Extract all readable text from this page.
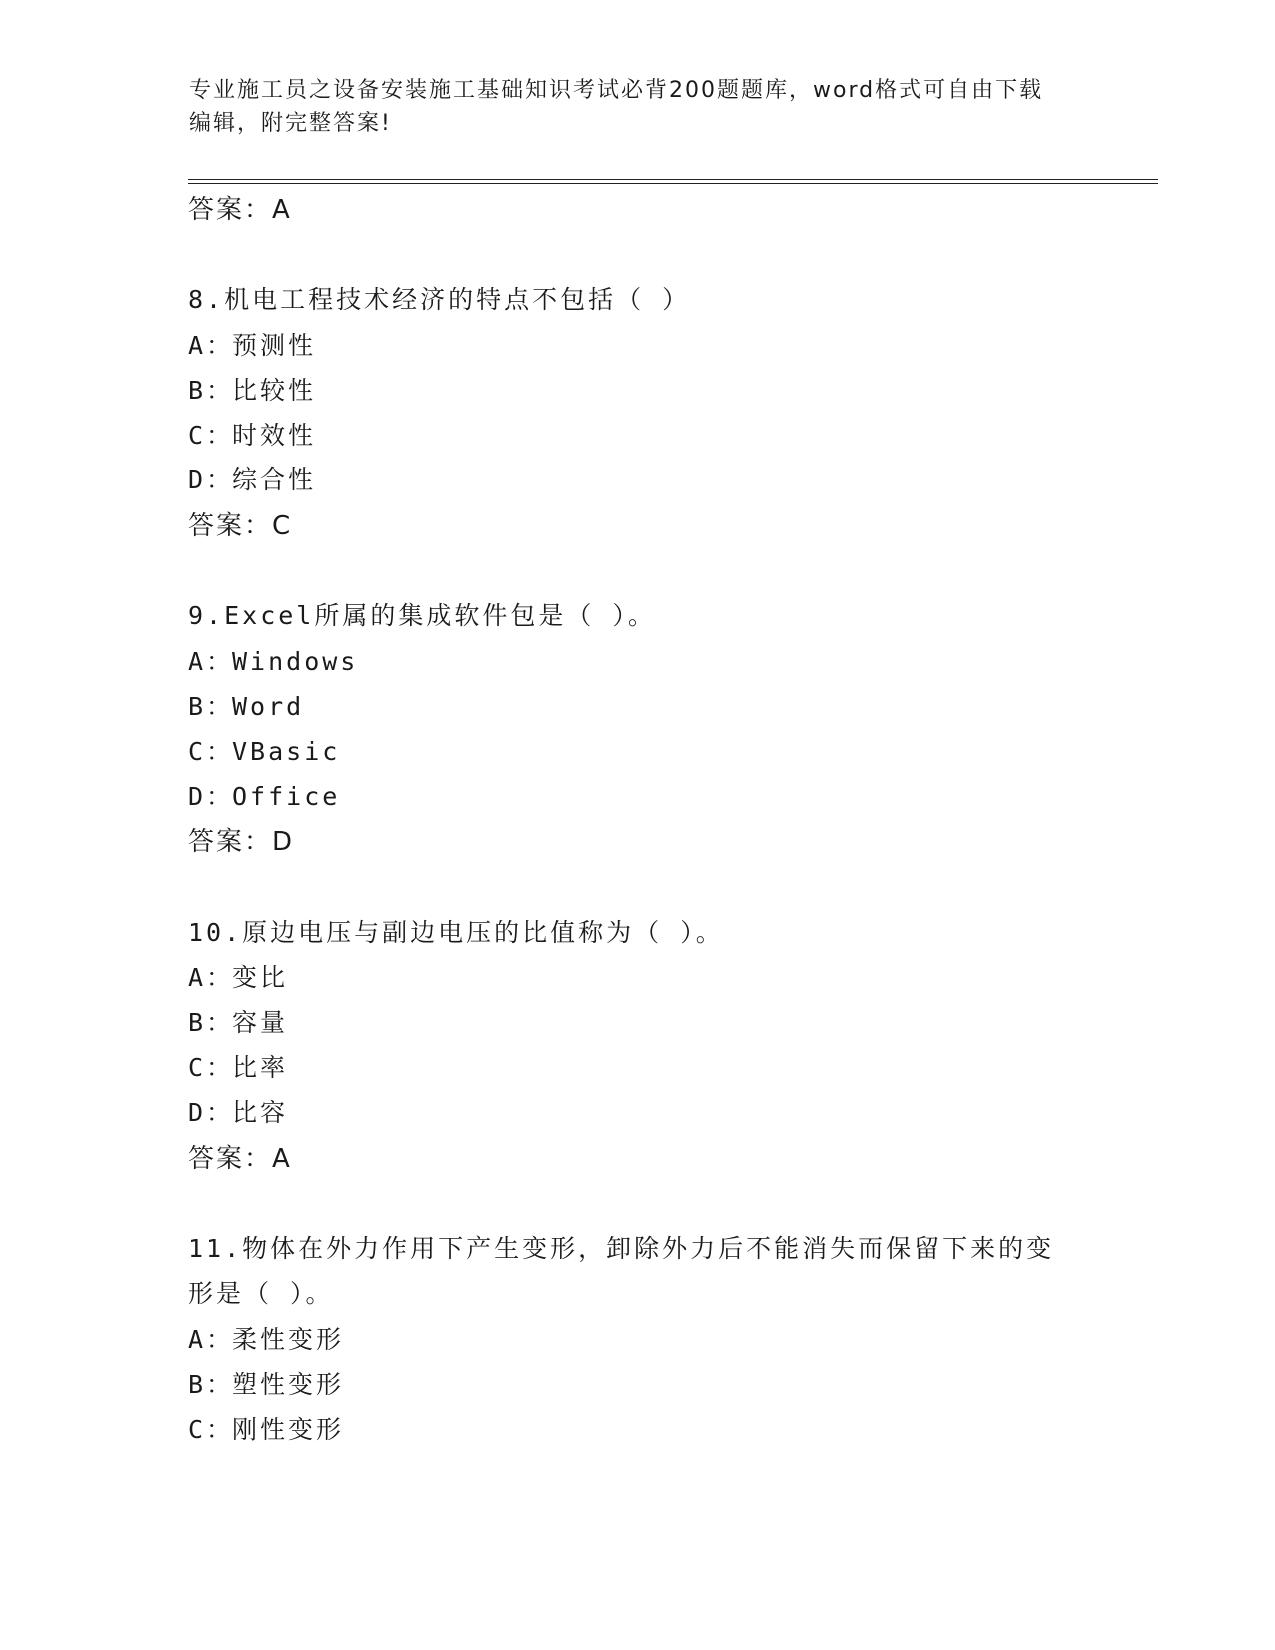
专业施工员之设备安装施工基础知识考试必背200题题库，word格式可自由下载
编辑，附完整答案!
答案：A
8.机电工程技术经济的特点不包括（ ）
A：预测性
B：比较性
C：时效性
D：综合性
答案：C
9.Excel所属的集成软件包是（ ）。
A：Windows
B：Word
C：VBasic
D：Office
答案：D
10.原边电压与副边电压的比值称为（ ）。
A：变比
B：容量
C：比率
D：比容
答案：A
11.物体在外力作用下产生变形，卸除外力后不能消失而保留下来的变
形是（ ）。
A：柔性变形
B：塑性变形
C：刚性变形
